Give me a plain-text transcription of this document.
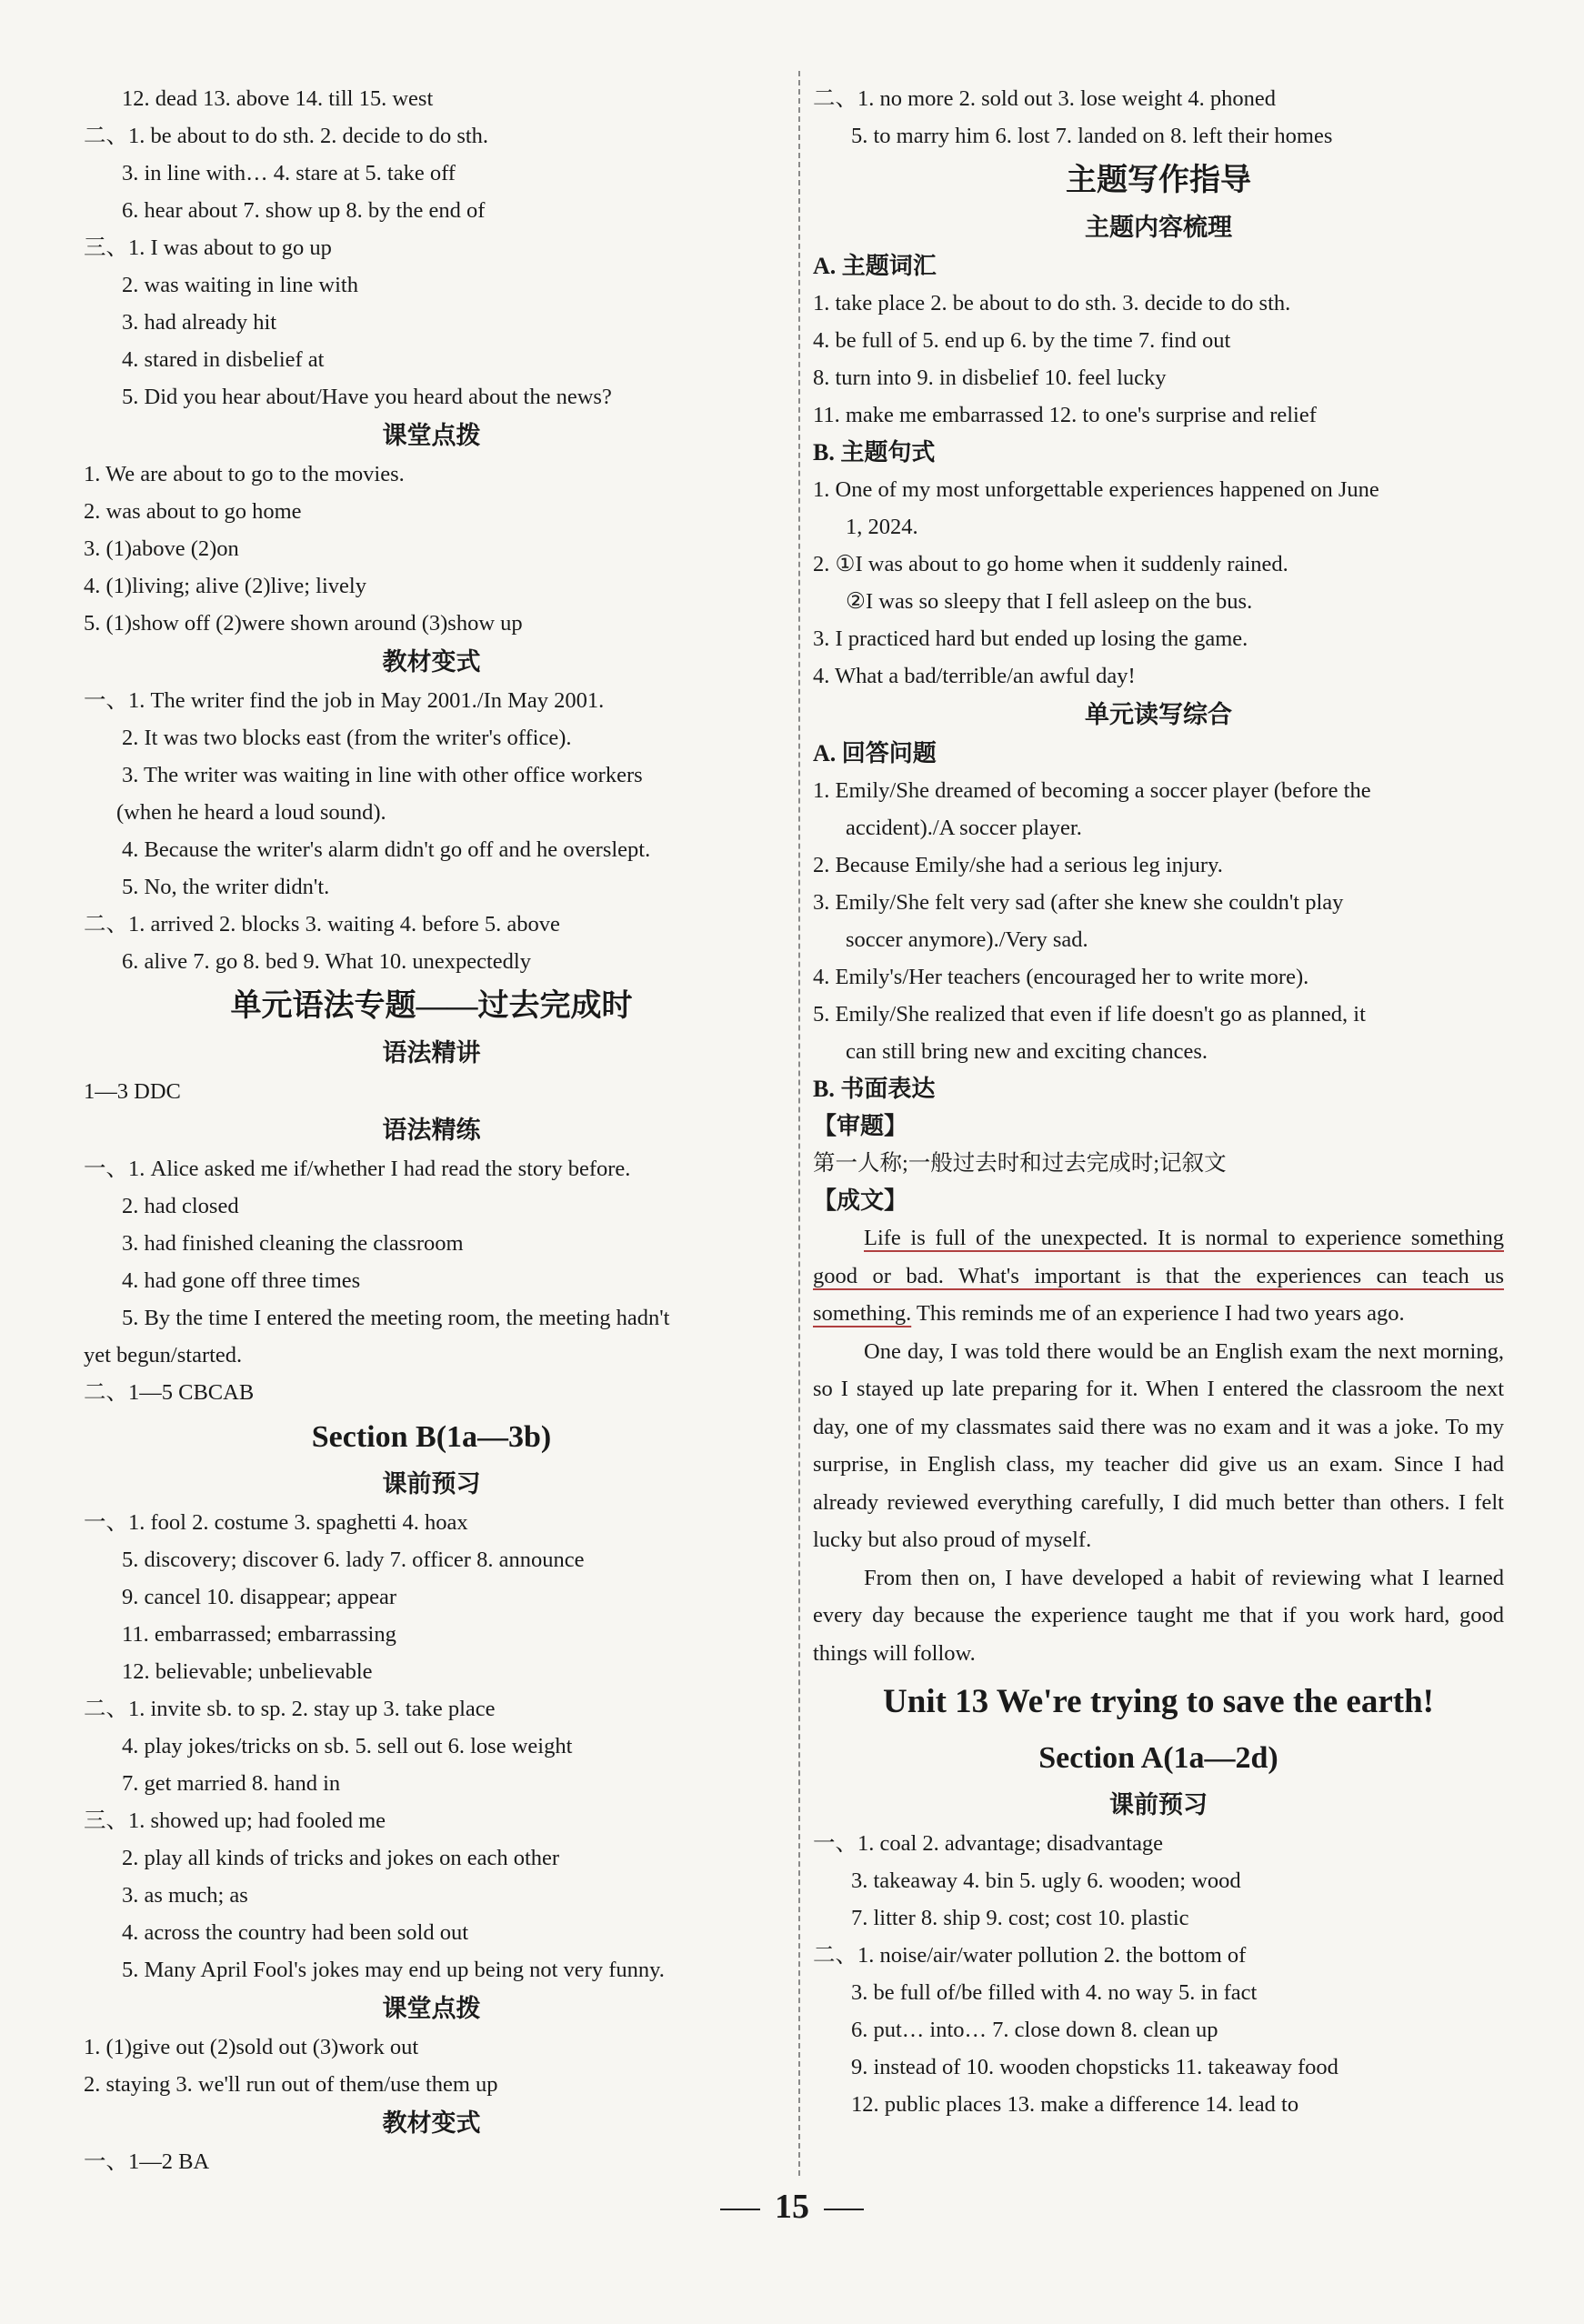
12. dead 13. above 14. till 15. west
二、1. be about to do sth. 2. decide to do sth.
3. in line with… 4. stare at 5. take off
6. hear about 7. show up 8. by the end of
三、1. I was about to go up
2. was waiting in line with
3. had already hit
4. stared in disbelief at
5. Did you hear about/Have you heard about the news?
课堂点拨
1. We are about to go to the movies.
2. was about to go home
3. (1)above (2)on
4. (1)living; alive (2)live; lively
5. (1)show off (2)were shown around (3)show up
教材变式
一、1. The writer find the job in May 2001./In May 2001.
2. It was two blocks east (from the writer's office).
3. The writer was waiting in line with other office workers
(when he heard a loud sound).
4. Because the writer's alarm didn't go off and he overslept.
5. No, the writer didn't.
二、1. arrived 2. blocks 3. waiting 4. before 5. above
6. alive 7. go 8. bed 9. What 10. unexpectedly
单元语法专题——过去完成时
语法精讲
1—3 DDC
语法精练
一、1. Alice asked me if/whether I had read the story before.
2. had closed
3. had finished cleaning the classroom
4. had gone off three times
5. By the time I entered the meeting room, the meeting hadn't
yet begun/started.
二、1—5 CBCAB
Section B(1a—3b)
课前预习
一、1. fool 2. costume 3. spaghetti 4. hoax
5. discovery; discover 6. lady 7. officer 8. announce
9. cancel 10. disappear; appear
11. embarrassed; embarrassing
12. believable; unbelievable
二、1. invite sb. to sp. 2. stay up 3. take place
4. play jokes/tricks on sb. 5. sell out 6. lose weight
7. get married 8. hand in
三、1. showed up; had fooled me
2. play all kinds of tricks and jokes on each other
3. as much; as
4. across the country had been sold out
5. Many April Fool's jokes may end up being not very funny.
课堂点拨
1. (1)give out (2)sold out (3)work out
2. staying 3. we'll run out of them/use them up
教材变式
一、1—2 BA
二、1. no more 2. sold out 3. lose weight 4. phoned
5. to marry him 6. lost 7. landed on 8. left their homes
主题写作指导
主题内容梳理
A. 主题词汇
1. take place 2. be about to do sth. 3. decide to do sth.
4. be full of 5. end up 6. by the time 7. find out
8. turn into 9. in disbelief 10. feel lucky
11. make me embarrassed 12. to one's surprise and relief
B. 主题句式
1. One of my most unforgettable experiences happened on June
1, 2024.
2. ①I was about to go home when it suddenly rained.
②I was so sleepy that I fell asleep on the bus.
3. I practiced hard but ended up losing the game.
4. What a bad/terrible/an awful day!
单元读写综合
A. 回答问题
1. Emily/She dreamed of becoming a soccer player (before the
accident)./A soccer player.
2. Because Emily/she had a serious leg injury.
3. Emily/She felt very sad (after she knew she couldn't play
soccer anymore)./Very sad.
4. Emily's/Her teachers (encouraged her to write more).
5. Emily/She realized that even if life doesn't go as planned, it
can still bring new and exciting chances.
B. 书面表达
【审题】
第一人称;一般过去时和过去完成时;记叙文
【成文】
Life is full of the unexpected. It is normal to experience something good or bad. What's important is that the experiences can teach us something. This reminds me of an experience I had two years ago.
One day, I was told there would be an English exam the next morning, so I stayed up late preparing for it. When I entered the classroom the next day, one of my classmates said there was no exam and it was a joke. To my surprise, in English class, my teacher did give us an exam. Since I had already reviewed everything carefully, I did much better than others. I felt lucky but also proud of myself.
From then on, I have developed a habit of reviewing what I learned every day because the experience taught me that if you work hard, good things will follow.
Unit 13 We're trying to save the earth!
Section A(1a—2d)
课前预习
一、1. coal 2. advantage; disadvantage
3. takeaway 4. bin 5. ugly 6. wooden; wood
7. litter 8. ship 9. cost; cost 10. plastic
二、1. noise/air/water pollution 2. the bottom of
3. be full of/be filled with 4. no way 5. in fact
6. put… into… 7. close down 8. clean up
9. instead of 10. wooden chopsticks 11. takeaway food
12. public places 13. make a difference 14. lead to
15
